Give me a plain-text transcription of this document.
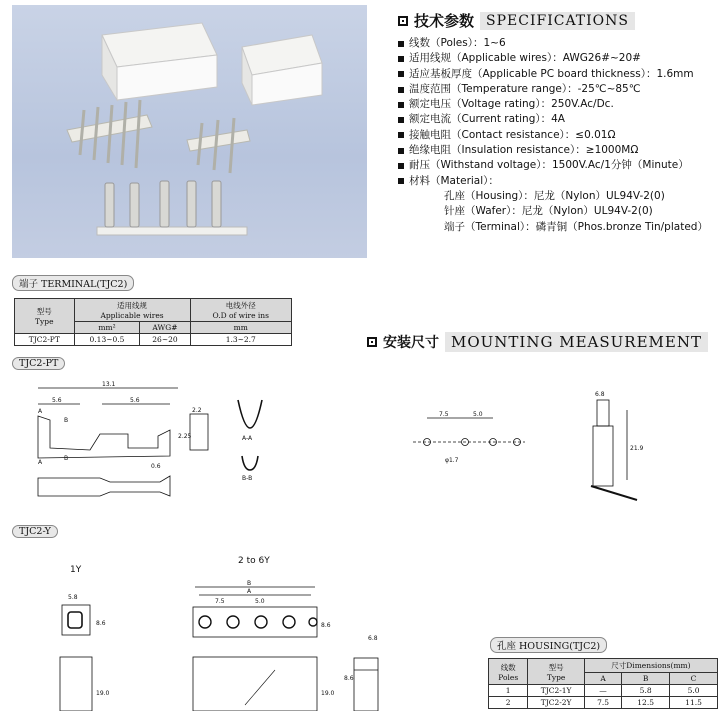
技术参数 SPECIFICATIONS
线数（Poles）：1~6
适用线规（Applicable wires）：AWG26#~20#
适应基板厚度（Applicable PC board thickness）：1.6mm
温度范围（Temperature range）：-25℃~85℃
额定电压（Voltage rating）：250V.Ac/Dc.
额定电流（Current rating）：4A
接触电阻（Contact resistance）：≤0.01Ω
绝缘电阻（Insulation resistance）：≥1000MΩ
耐压（Withstand voltage）：1500V.Ac/1分钟（Minute）
材料（Material）：
孔座（Housing）：尼龙（Nylon）UL94V-2(0)
针座（Wafer）：尼龙（Nylon）UL94V-2(0)
端子（Terminal）：磷青铜（Phos.bronze Tin/plated）
端子 TERMINAL(TJC2)
型号
Type	适用线规
Applicable wires		电线外径
O.D of wire ins
	mm²	AWG#	mm
TJC2-PT	0.13~0.5	26~20	1.3~2.7
TJC2-PT
13.1
5.6	5.6
A
B
A
B
2.2
2.25
0.6
A-A
B-B
安装尺寸 MOUNTING MEASUREMENT
7.5	5.0
φ1.7
6.8
21.9
TJC2-Y
1Y
2 to 6Y
5.8
8.6
19.0
B
A
7.5	5.0
8.6
19.0
6.8
8.6
孔座 HOUSING(TJC2)
线数
Poles	型号
Type	尺寸Dimensions(mm)		
		A	B	C
1	TJC2-1Y	—	5.8	5.0
2	TJC2-2Y	7.5	12.5	11.5
